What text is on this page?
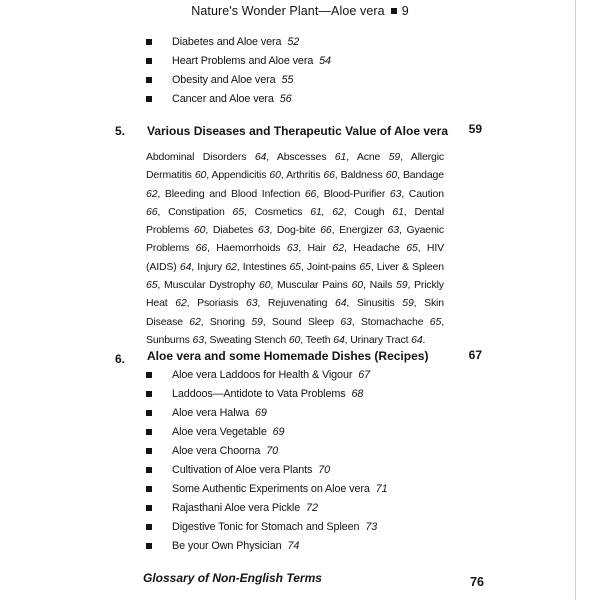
Nature's Wonder Plant—Aloe vera 9
Diabetes and Aloe vera 52
Heart Problems and Aloe vera 54
Obesity and Aloe vera 55
Cancer and Aloe vera 56
5. Various Diseases and Therapeutic Value of Aloe vera 59
Abdominal Disorders 64, Abscesses 61, Acne 59, Allergic Dermatitis 60, Appendicitis 60, Arthritis 66, Baldness 60, Bandage 62, Bleeding and Blood Infection 66, Blood-Purifier 63, Caution 66, Constipation 65, Cosmetics 61, 62, Cough 61, Dental Problems 60, Diabetes 63, Dog-bite 66, Energizer 63, Gyaenic Problems 66, Haemorrhoids 63, Hair 62, Headache 65, HIV (AIDS) 64, Injury 62, Intestines 65, Joint-pains 65, Liver & Spleen 65, Muscular Dystrophy 60, Muscular Pains 60, Nails 59, Prickly Heat 62, Psoriasis 63, Rejuvenating 64, Sinusitis 59, Skin Disease 62, Snoring 59, Sound Sleep 63, Stomachache 65, Sunburns 63, Sweating Stench 60, Teeth 64, Urinary Tract 64.
6. Aloe vera and some Homemade Dishes (Recipes)	67
Aloe vera Laddoos for Health & Vigour 67
Laddoos—Antidote to Vata Problems 68
Aloe vera Halwa 69
Aloe vera Vegetable 69
Aloe vera Choorna 70
Cultivation of Aloe vera Plants 70
Some Authentic Experiments on Aloe vera 71
Rajasthani Aloe vera Pickle 72
Digestive Tonic for Stomach and Spleen 73
Be your Own Physician 74
Glossary of Non-English Terms	76
